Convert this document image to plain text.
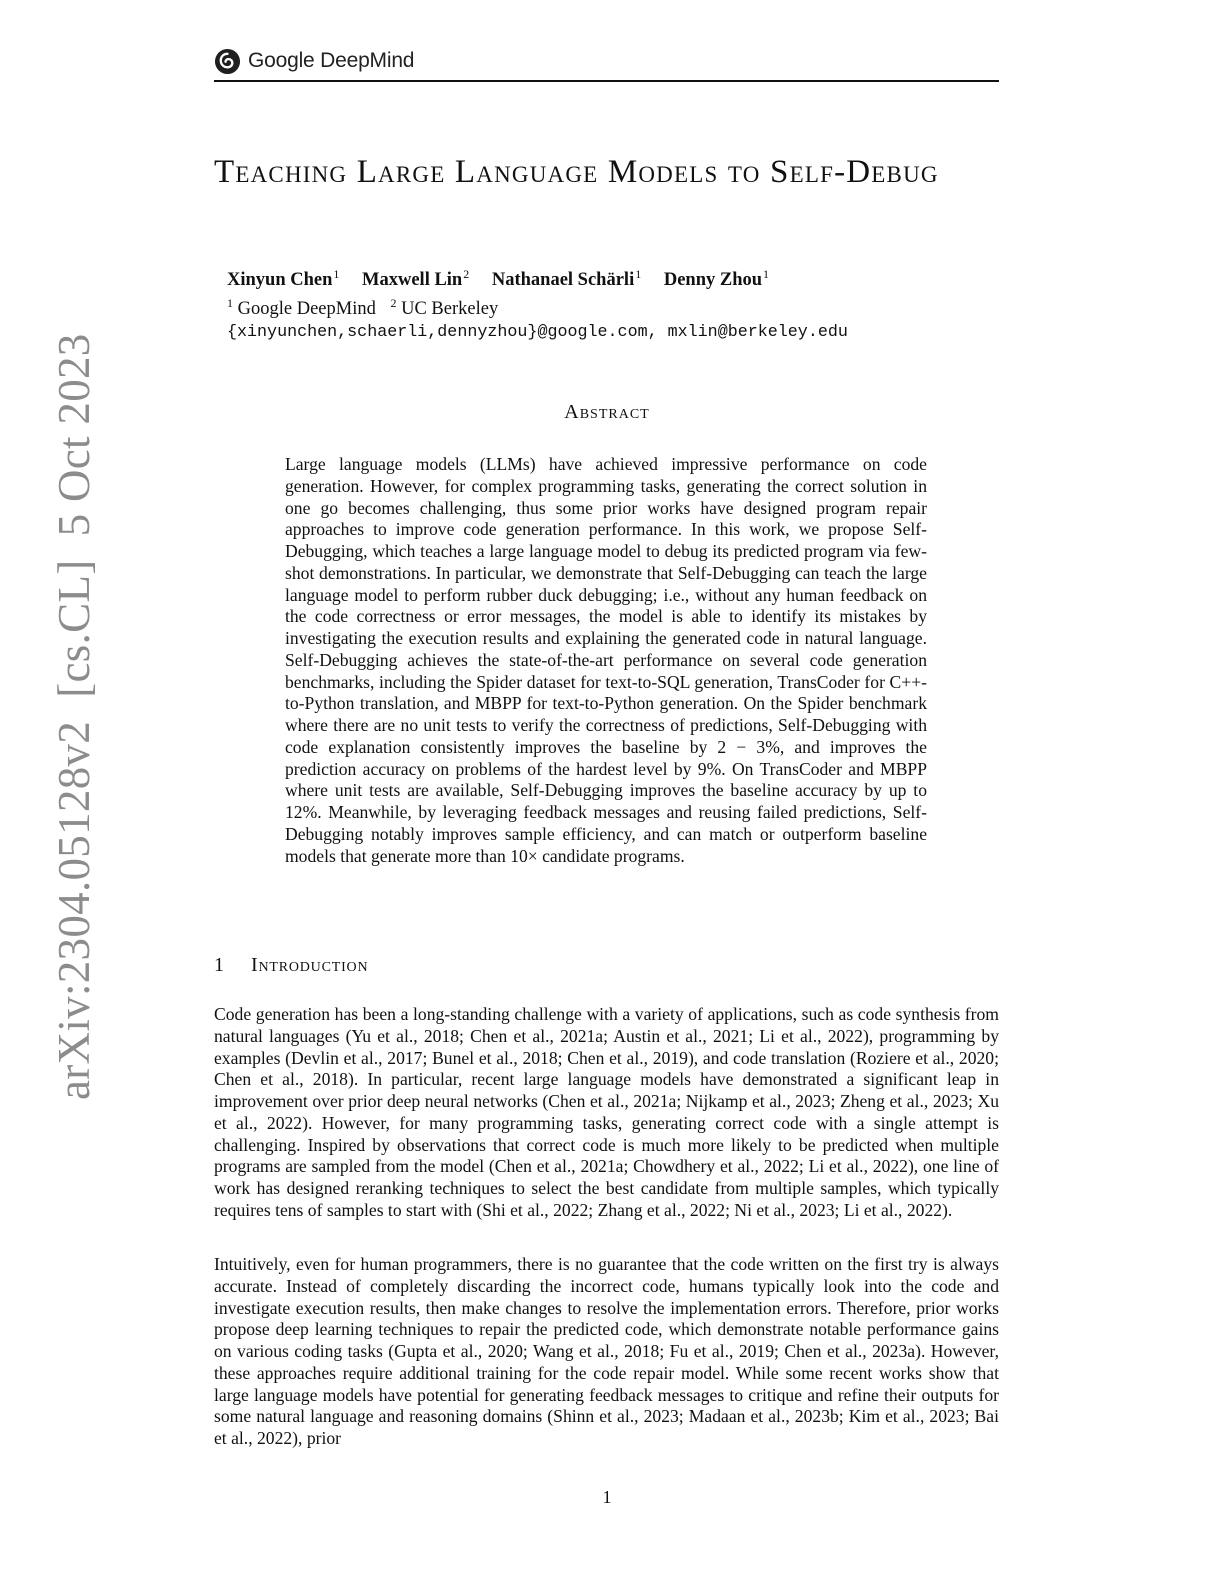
Google DeepMind
arXiv:2304.05128v2  [cs.CL]  5 Oct 2023
Teaching Large Language Models to Self-Debug
Xinyun Chen$^1$ Maxwell Lin$^2$ Nathanael Schärli$^1$ Denny Zhou$^1$
$^1$ Google DeepMind $^2$ UC Berkeley
{xinyunchen,schaerli,dennyzhou}@google.com, mxlin@berkeley.edu
Abstract
Large language models (LLMs) have achieved impressive performance on code generation. However, for complex programming tasks, generating the correct solution in one go becomes challenging, thus some prior works have designed program repair approaches to improve code generation performance. In this work, we propose Self-Debugging, which teaches a large language model to debug its predicted program via few-shot demonstrations. In particular, we demonstrate that Self-Debugging can teach the large language model to perform rubber duck debugging; i.e., without any human feedback on the code correctness or error messages, the model is able to identify its mistakes by investigating the execution results and explaining the generated code in natural language. Self-Debugging achieves the state-of-the-art performance on several code generation benchmarks, including the Spider dataset for text-to-SQL generation, TransCoder for C++-to-Python translation, and MBPP for text-to-Python generation. On the Spider benchmark where there are no unit tests to verify the correctness of predictions, Self-Debugging with code explanation consistently improves the baseline by 2 − 3%, and improves the prediction accuracy on problems of the hardest level by 9%. On TransCoder and MBPP where unit tests are available, Self-Debugging improves the baseline accuracy by up to 12%. Meanwhile, by leveraging feedback messages and reusing failed predictions, Self-Debugging notably improves sample efficiency, and can match or outperform baseline models that generate more than 10× candidate programs.
1 Introduction
Code generation has been a long-standing challenge with a variety of applications, such as code synthesis from natural languages (Yu et al., 2018; Chen et al., 2021a; Austin et al., 2021; Li et al., 2022), programming by examples (Devlin et al., 2017; Bunel et al., 2018; Chen et al., 2019), and code translation (Roziere et al., 2020; Chen et al., 2018). In particular, recent large language models have demonstrated a significant leap in improvement over prior deep neural networks (Chen et al., 2021a; Nijkamp et al., 2023; Zheng et al., 2023; Xu et al., 2022). However, for many programming tasks, generating correct code with a single attempt is challenging. Inspired by observations that correct code is much more likely to be predicted when multiple programs are sampled from the model (Chen et al., 2021a; Chowdhery et al., 2022; Li et al., 2022), one line of work has designed reranking techniques to select the best candidate from multiple samples, which typically requires tens of samples to start with (Shi et al., 2022; Zhang et al., 2022; Ni et al., 2023; Li et al., 2022).
Intuitively, even for human programmers, there is no guarantee that the code written on the first try is always accurate. Instead of completely discarding the incorrect code, humans typically look into the code and investigate execution results, then make changes to resolve the implementation errors. Therefore, prior works propose deep learning techniques to repair the predicted code, which demonstrate notable performance gains on various coding tasks (Gupta et al., 2020; Wang et al., 2018; Fu et al., 2019; Chen et al., 2023a). However, these approaches require additional training for the code repair model. While some recent works show that large language models have potential for generating feedback messages to critique and refine their outputs for some natural language and reasoning domains (Shinn et al., 2023; Madaan et al., 2023b; Kim et al., 2023; Bai et al., 2022), prior
1
